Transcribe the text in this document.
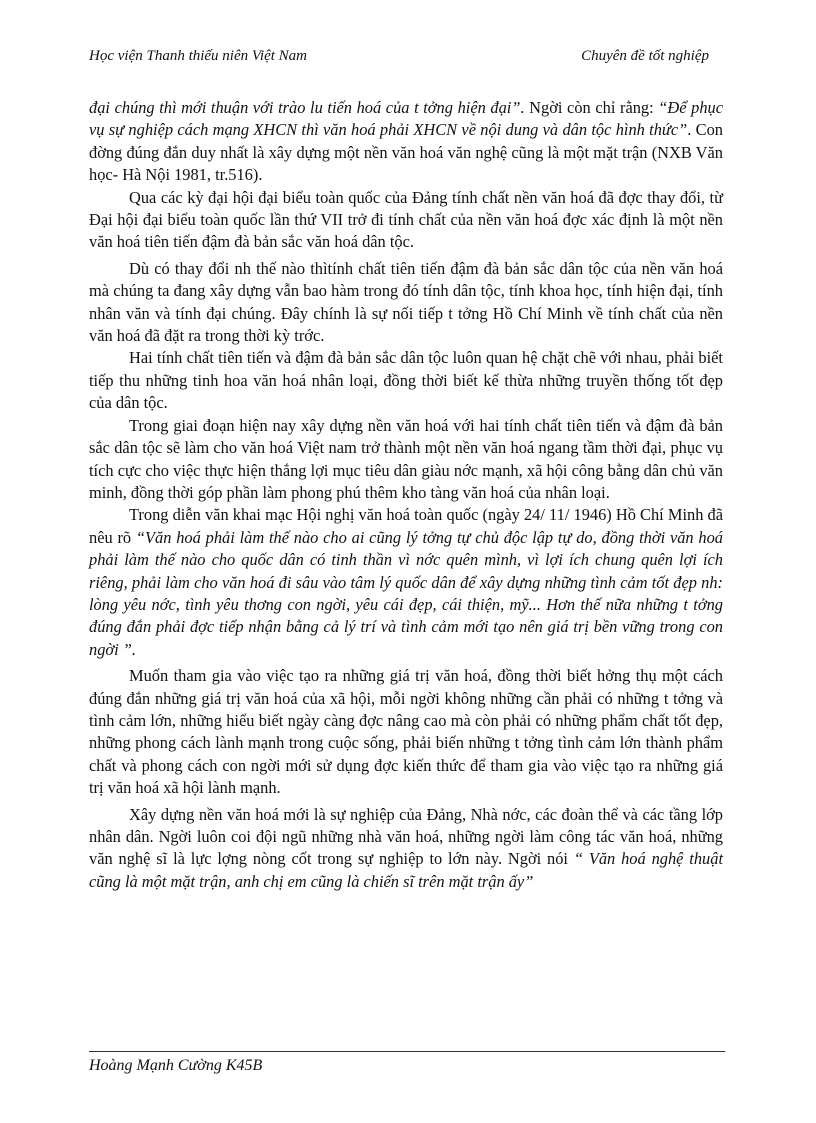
Học viện Thanh thiếu niên Việt Nam	Chuyên đề tốt nghiệp

đại chúng thì mới thuận với trào lu tiến hoá của t tởng hiện đại”. Ngời còn chỉ rằng: “Để phục vụ sự nghiệp cách mạng XHCN thì văn hoá phải XHCN về nội dung và dân tộc hình thức”. Con đờng đúng đắn duy nhất là xây dựng một nền văn hoá văn nghệ cũng là một mặt trận (NXB Văn học- Hà Nội 1981, tr.516).

Qua các kỳ đại hội đại biểu toàn quốc của Đảng tính chất nền văn hoá đã đợc thay đổi, từ Đại hội đại biểu toàn quốc lần thứ VII trở đi tính chất của nền văn hoá đợc xác định là một nền văn hoá tiên tiến đậm đà bản sắc văn hoá dân tộc.

Dù có thay đổi nh thế nào thìtính chất tiên tiến đậm đà bản sắc dân tộc của nền văn hoá mà chúng ta đang xây dựng vẫn bao hàm trong đó tính dân tộc, tính khoa học, tính hiện đại, tính nhân văn và tính đại chúng. Đây chính là sự nối tiếp t tởng Hồ Chí Minh về tính chất của nền văn hoá đã đặt ra trong thời kỳ trớc.

Hai tính chất tiên tiến và đậm đà bản sắc dân tộc luôn quan hệ chặt chẽ với nhau, phải biết tiếp thu những tinh hoa văn hoá nhân loại, đồng thời biết kế thừa những truyền thống tốt đẹp của dân tộc.

Trong giai đoạn hiện nay xây dựng nền văn hoá với hai tính chất tiên tiến và đậm đà bản sắc dân tộc sẽ làm cho văn hoá Việt nam trở thành một nền văn hoá ngang tầm thời đại, phục vụ tích cực cho việc thực hiện thắng lợi mục tiêu dân giàu nớc mạnh, xã hội công bằng dân chủ văn minh, đồng thời góp phần làm phong phú thêm kho tàng văn hoá của nhân loại.

Trong diễn văn khai mạc Hội nghị văn hoá toàn quốc (ngày 24/ 11/ 1946) Hồ Chí Minh đã nêu rõ “Văn hoá phải làm thế nào cho ai cũng lý tởng tự chủ độc lập tự do, đồng thời văn hoá phải làm thế nào cho quốc dân có tinh thần vì nớc quên mình, vì lợi ích chung quên lợi ích riêng, phải làm cho văn hoá đi sâu vào tâm lý quốc dân để xây dựng những tình cảm tốt đẹp nh: lòng yêu nớc, tình yêu thơng con ngời, yêu cái đẹp, cái thiện, mỹ... Hơn thế nữa những t tởng đúng đắn phải đợc tiếp nhận bằng cả lý trí và tình cảm mới tạo nên giá trị bền vững trong con ngời ”.

Muốn tham gia vào việc tạo ra những giá trị văn hoá, đồng thời biết hởng thụ một cách đúng đắn những giá trị văn hoá của xã hội, mỗi ngời không những cần phải có những t tởng và tình cảm lớn, những hiểu biết ngày càng đợc nâng cao mà còn phải có những phẩm chất tốt đẹp, những phong cách lành mạnh trong cuộc sống, phải biến những t tởng tình cảm lớn thành phẩm chất và phong cách con ngời mới sử dụng đợc kiến thức để tham gia vào việc tạo ra những giá trị văn hoá xã hội lành mạnh.

Xây dựng nền văn hoá mới là sự nghiệp của Đảng, Nhà nớc, các đoàn thể và các tầng lớp nhân dân. Ngời luôn coi đội ngũ những nhà văn hoá, những ngời làm công tác văn hoá, những văn nghệ sĩ là lực lợng nòng cốt trong sự nghiệp to lớn này. Ngời nói “ Văn hoá nghệ thuật cũng là một mặt trận, anh chị em cũng là chiến sĩ trên mặt trận ấy”

Hoàng Mạnh Cường K45B
